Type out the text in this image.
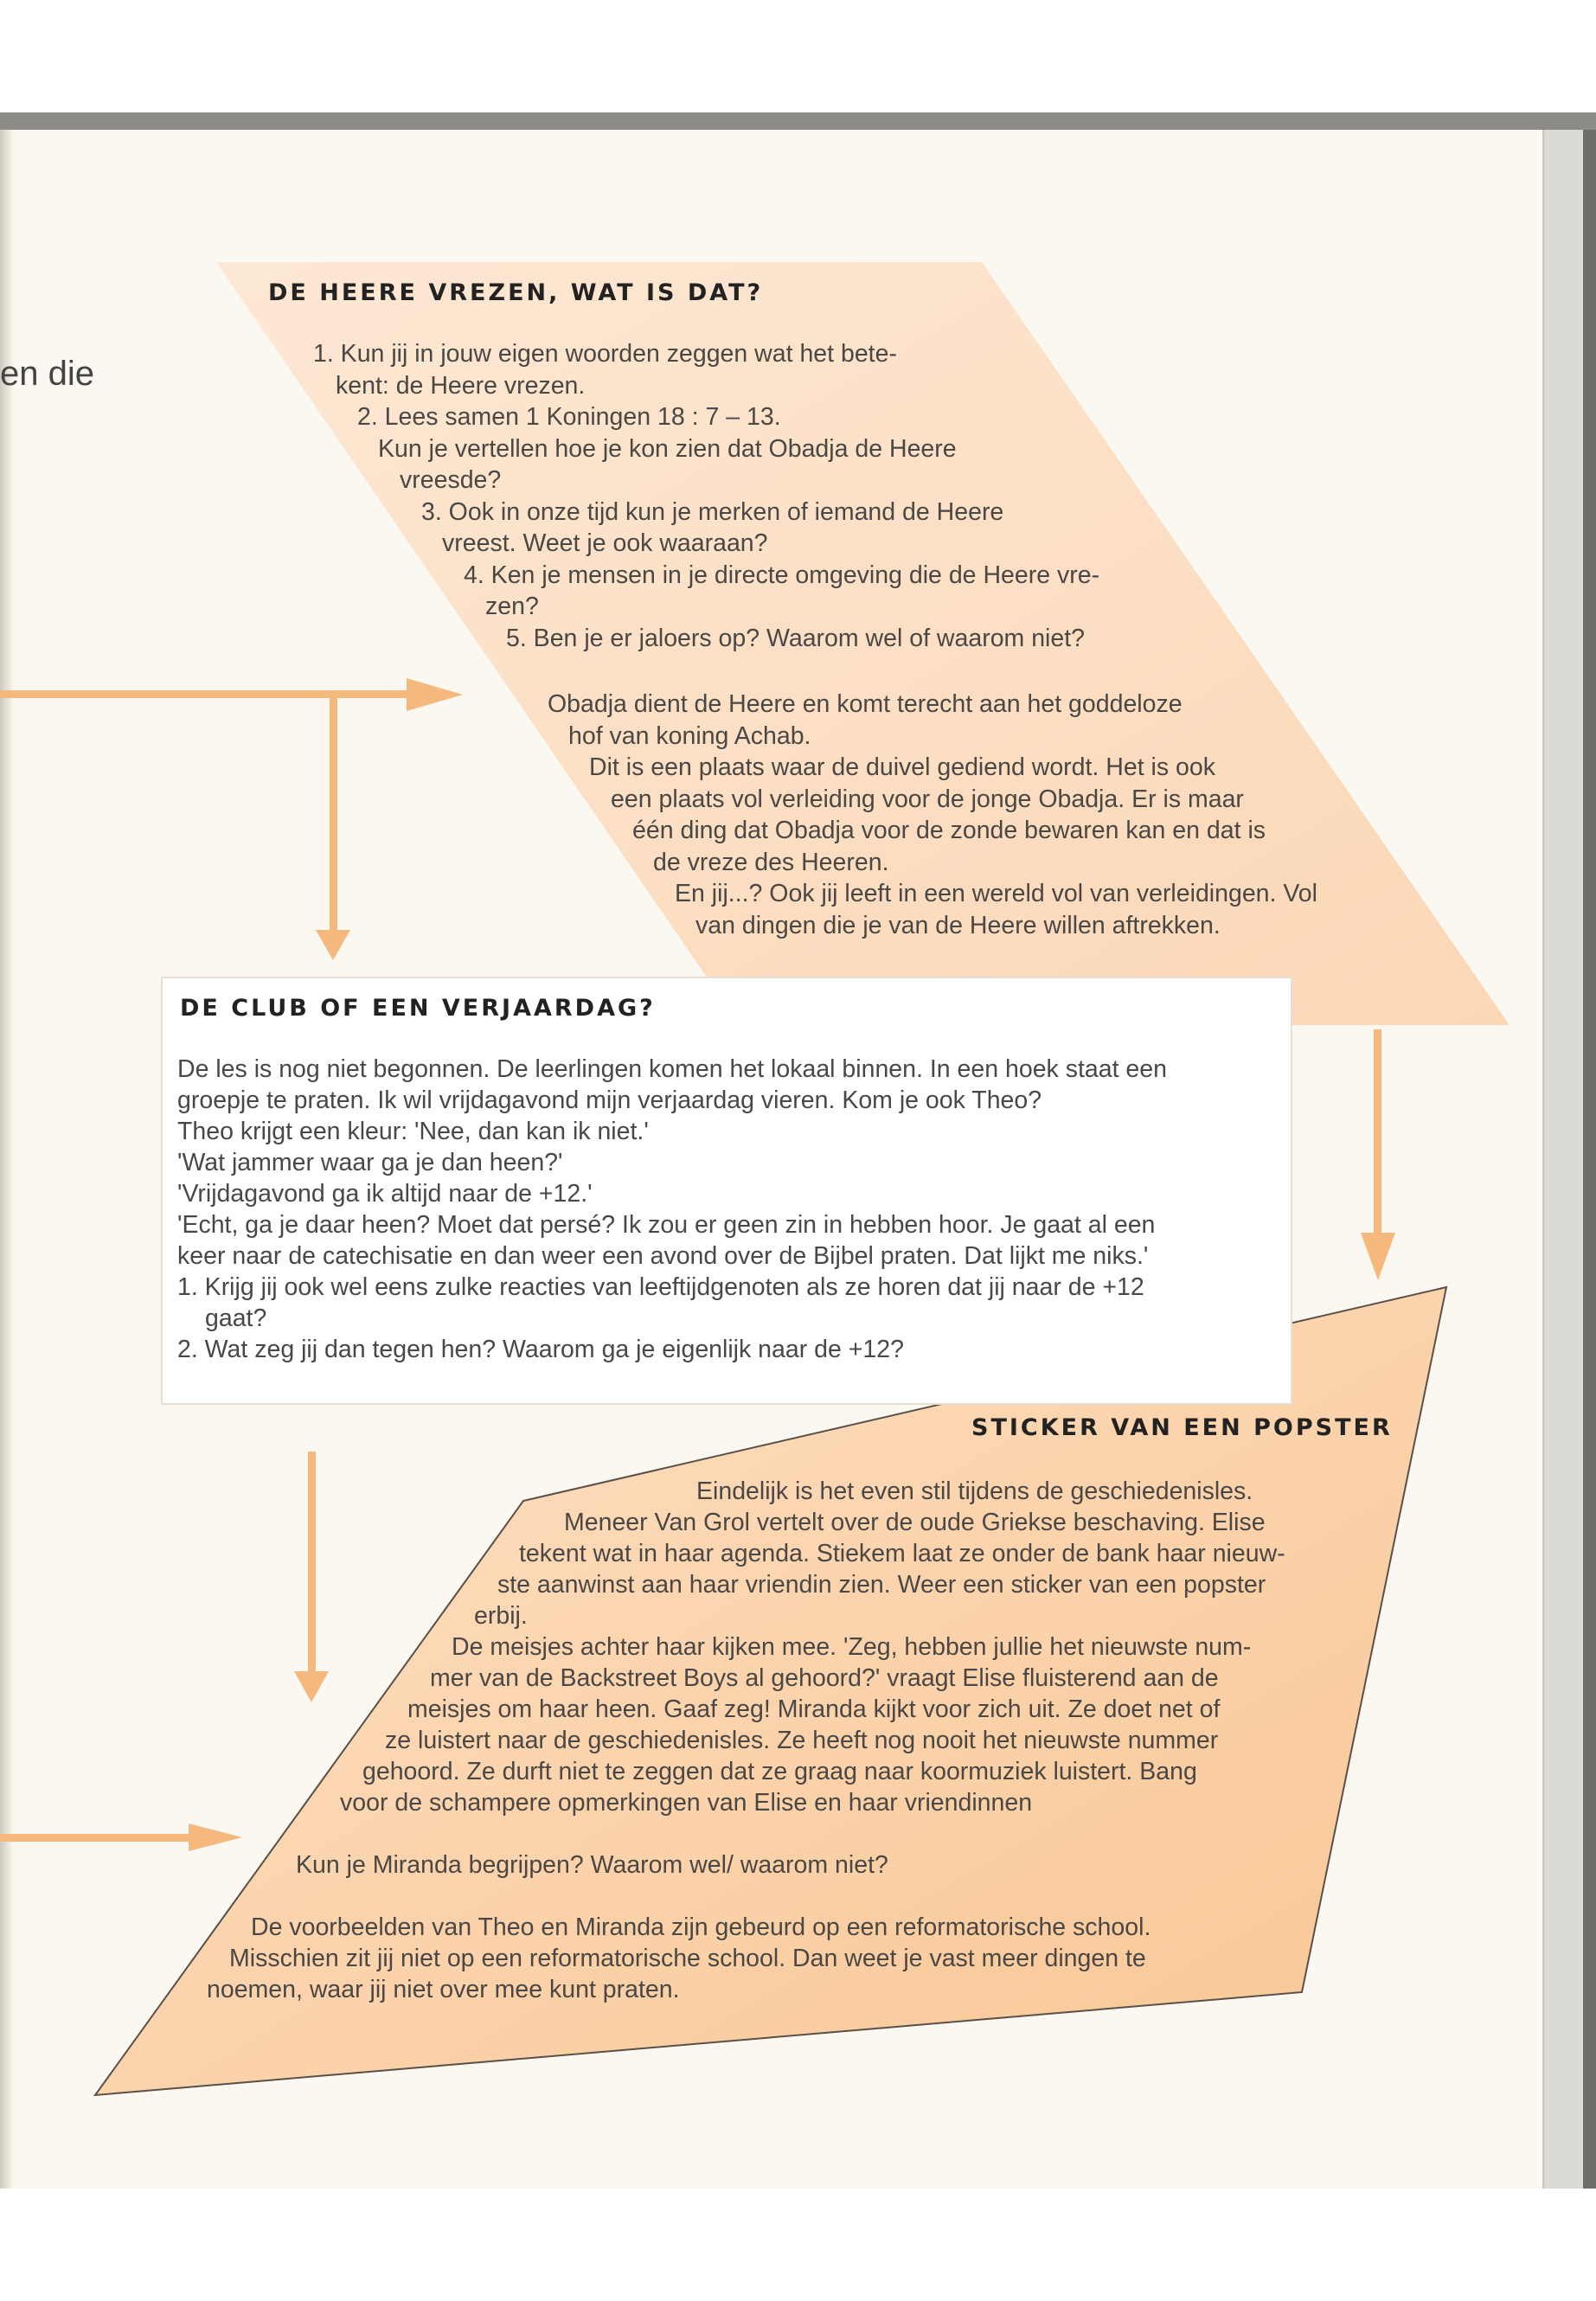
en die
DE HEERE VREZEN, WAT IS DAT?
1. Kun jij in jouw eigen woorden zeggen wat het bete-
kent: de Heere vrezen.
2. Lees samen 1 Koningen 18 : 7 – 13.
Kun je vertellen hoe je kon zien dat Obadja de Heere
vreesde?
3. Ook in onze tijd kun je merken of iemand de Heere
vreest. Weet je ook waaraan?
4. Ken je mensen in je directe omgeving die de Heere vre-
zen?
5. Ben je er jaloers op? Waarom wel of waarom niet?
Obadja dient de Heere en komt terecht aan het goddeloze
hof van koning Achab.
Dit is een plaats waar de duivel gediend wordt. Het is ook
een plaats vol verleiding voor de jonge Obadja. Er is maar
één ding dat Obadja voor de zonde bewaren kan en dat is
de vreze des Heeren.
En jij...? Ook jij leeft in een wereld vol van verleidingen. Vol
van dingen die je van de Heere willen aftrekken.
DE CLUB OF EEN VERJAARDAG?
De les is nog niet begonnen. De leerlingen komen het lokaal binnen. In een hoek staat een
groepje te praten. Ik wil vrijdagavond mijn verjaardag vieren. Kom je ook Theo?
Theo krijgt een kleur: 'Nee, dan kan ik niet.'
'Wat jammer waar ga je dan heen?'
'Vrijdagavond ga ik altijd naar de +12.'
'Echt, ga je daar heen? Moet dat persé? Ik zou er geen zin in hebben hoor. Je gaat al een
keer naar de catechisatie en dan weer een avond over de Bijbel praten. Dat lijkt me niks.'
1. Krijg jij ook wel eens zulke reacties van leeftijdgenoten als ze horen dat jij naar de +12
gaat?
2. Wat zeg jij dan tegen hen? Waarom ga je eigenlijk naar de +12?
STICKER VAN EEN POPSTER
Eindelijk is het even stil tijdens de geschiedenisles.
Meneer Van Grol vertelt over de oude Griekse beschaving. Elise
tekent wat in haar agenda. Stiekem laat ze onder de bank haar nieuw-
ste aanwinst aan haar vriendin zien. Weer een sticker van een popster
erbij.
De meisjes achter haar kijken mee. 'Zeg, hebben jullie het nieuwste num-
mer van de Backstreet Boys al gehoord?' vraagt Elise fluisterend aan de
meisjes om haar heen. Gaaf zeg! Miranda kijkt voor zich uit. Ze doet net of
ze luistert naar de geschiedenisles. Ze heeft nog nooit het nieuwste nummer
gehoord. Ze durft niet te zeggen dat ze graag naar koormuziek luistert. Bang
voor de schampere opmerkingen van Elise en haar vriendinnen
Kun je Miranda begrijpen? Waarom wel/ waarom niet?
De voorbeelden van Theo en Miranda zijn gebeurd op een reformatorische school.
Misschien zit jij niet op een reformatorische school. Dan weet je vast meer dingen te
noemen, waar jij niet over mee kunt praten.
